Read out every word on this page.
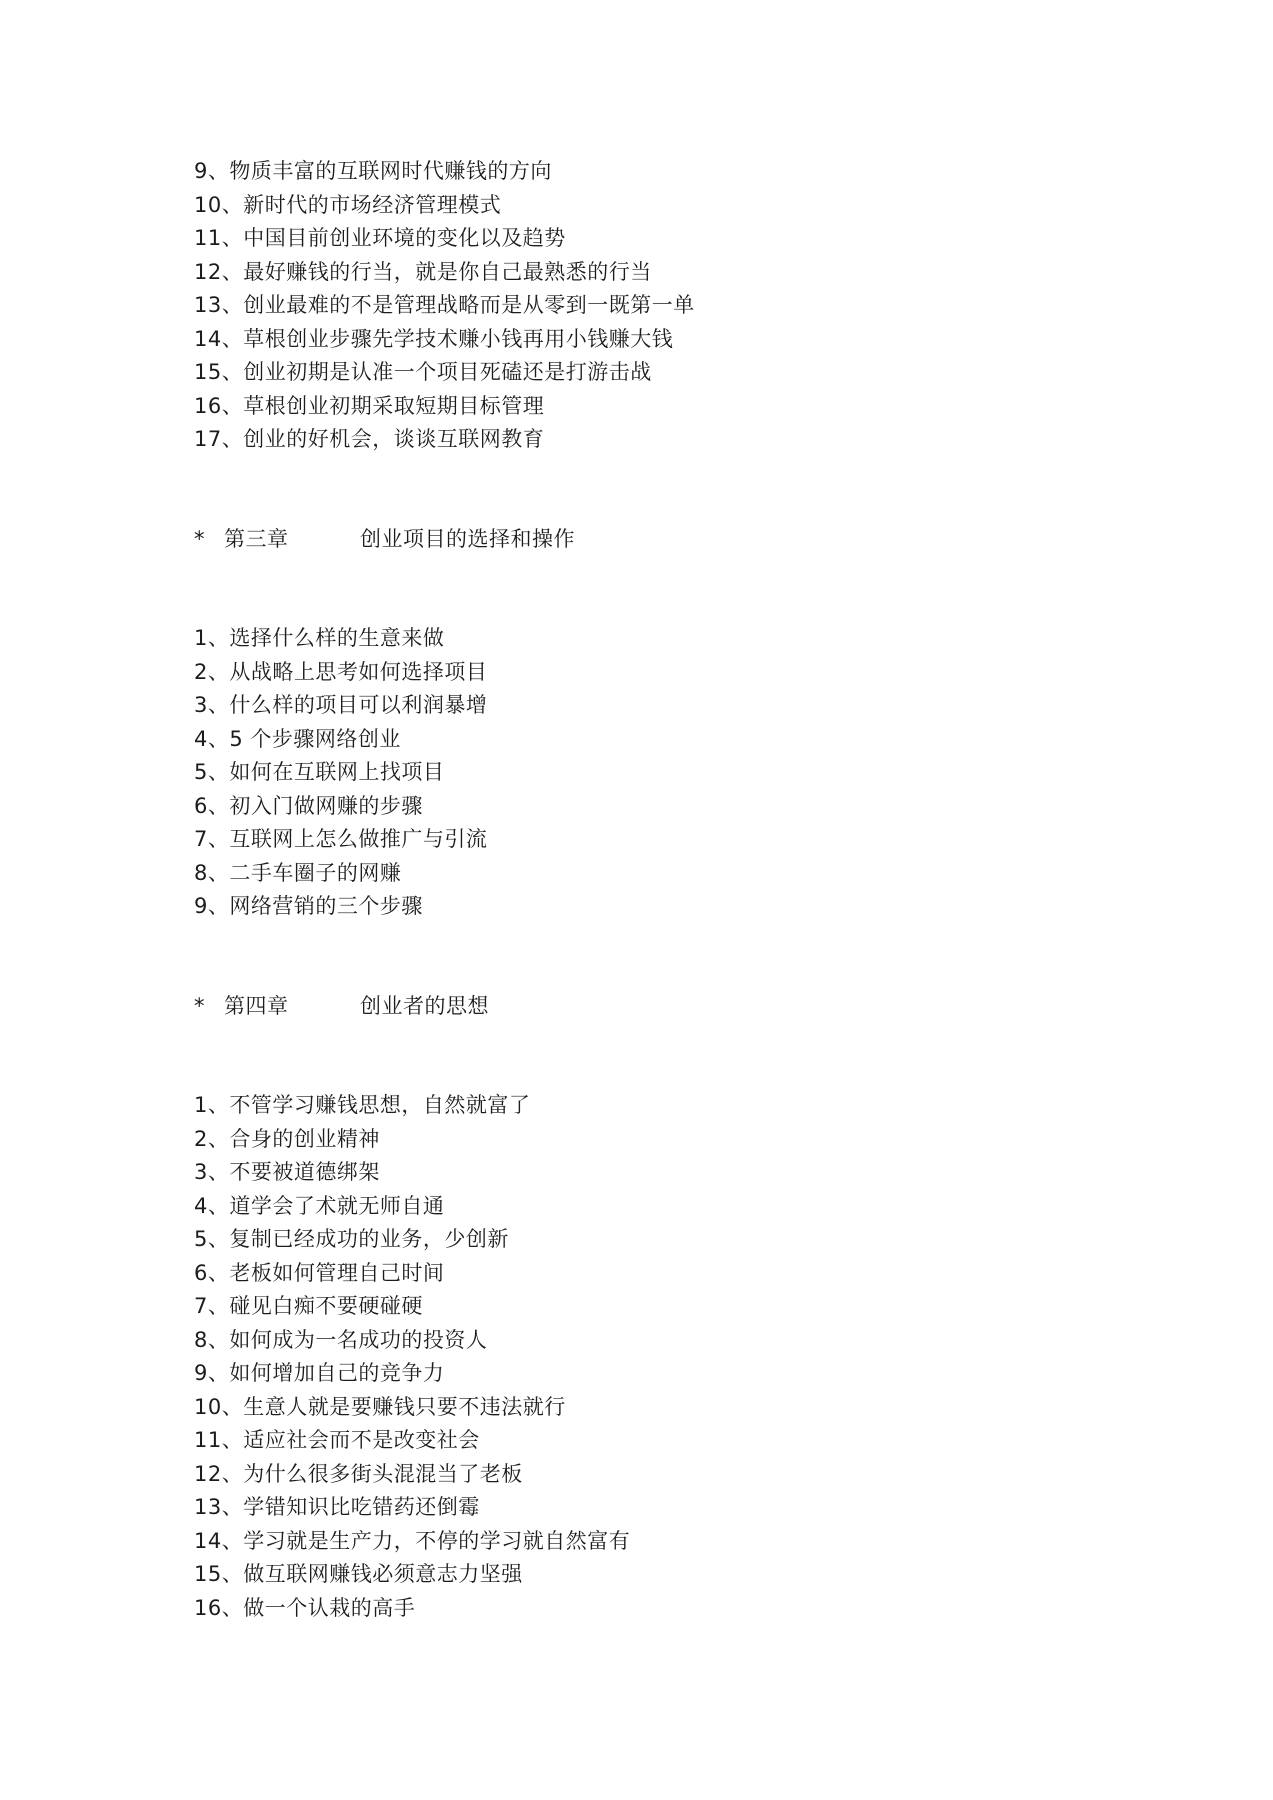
9、物质丰富的互联网时代赚钱的方向
10、新时代的市场经济管理模式
11、中国目前创业环境的变化以及趋势
12、最好赚钱的行当，就是你自己最熟悉的行当
13、创业最难的不是管理战略而是从零到一既第一单
14、草根创业步骤先学技术赚小钱再用小钱赚大钱
15、创业初期是认准一个项目死磕还是打游击战
16、草根创业初期采取短期目标管理
17、创业的好机会，谈谈互联网教育
* 第三章	创业项目的选择和操作
1、选择什么样的生意来做
2、从战略上思考如何选择项目
3、什么样的项目可以利润暴增
4、5 个步骤网络创业
5、如何在互联网上找项目
6、初入门做网赚的步骤
7、互联网上怎么做推广与引流
8、二手车圈子的网赚
9、网络营销的三个步骤
* 第四章	创业者的思想
1、不管学习赚钱思想，自然就富了
2、合身的创业精神
3、不要被道德绑架
4、道学会了术就无师自通
5、复制已经成功的业务，少创新
6、老板如何管理自己时间
7、碰见白痴不要硬碰硬
8、如何成为一名成功的投资人
9、如何增加自己的竞争力
10、生意人就是要赚钱只要不违法就行
11、适应社会而不是改变社会
12、为什么很多街头混混当了老板
13、学错知识比吃错药还倒霉
14、学习就是生产力，不停的学习就自然富有
15、做互联网赚钱必须意志力坚强
16、做一个认栽的高手
